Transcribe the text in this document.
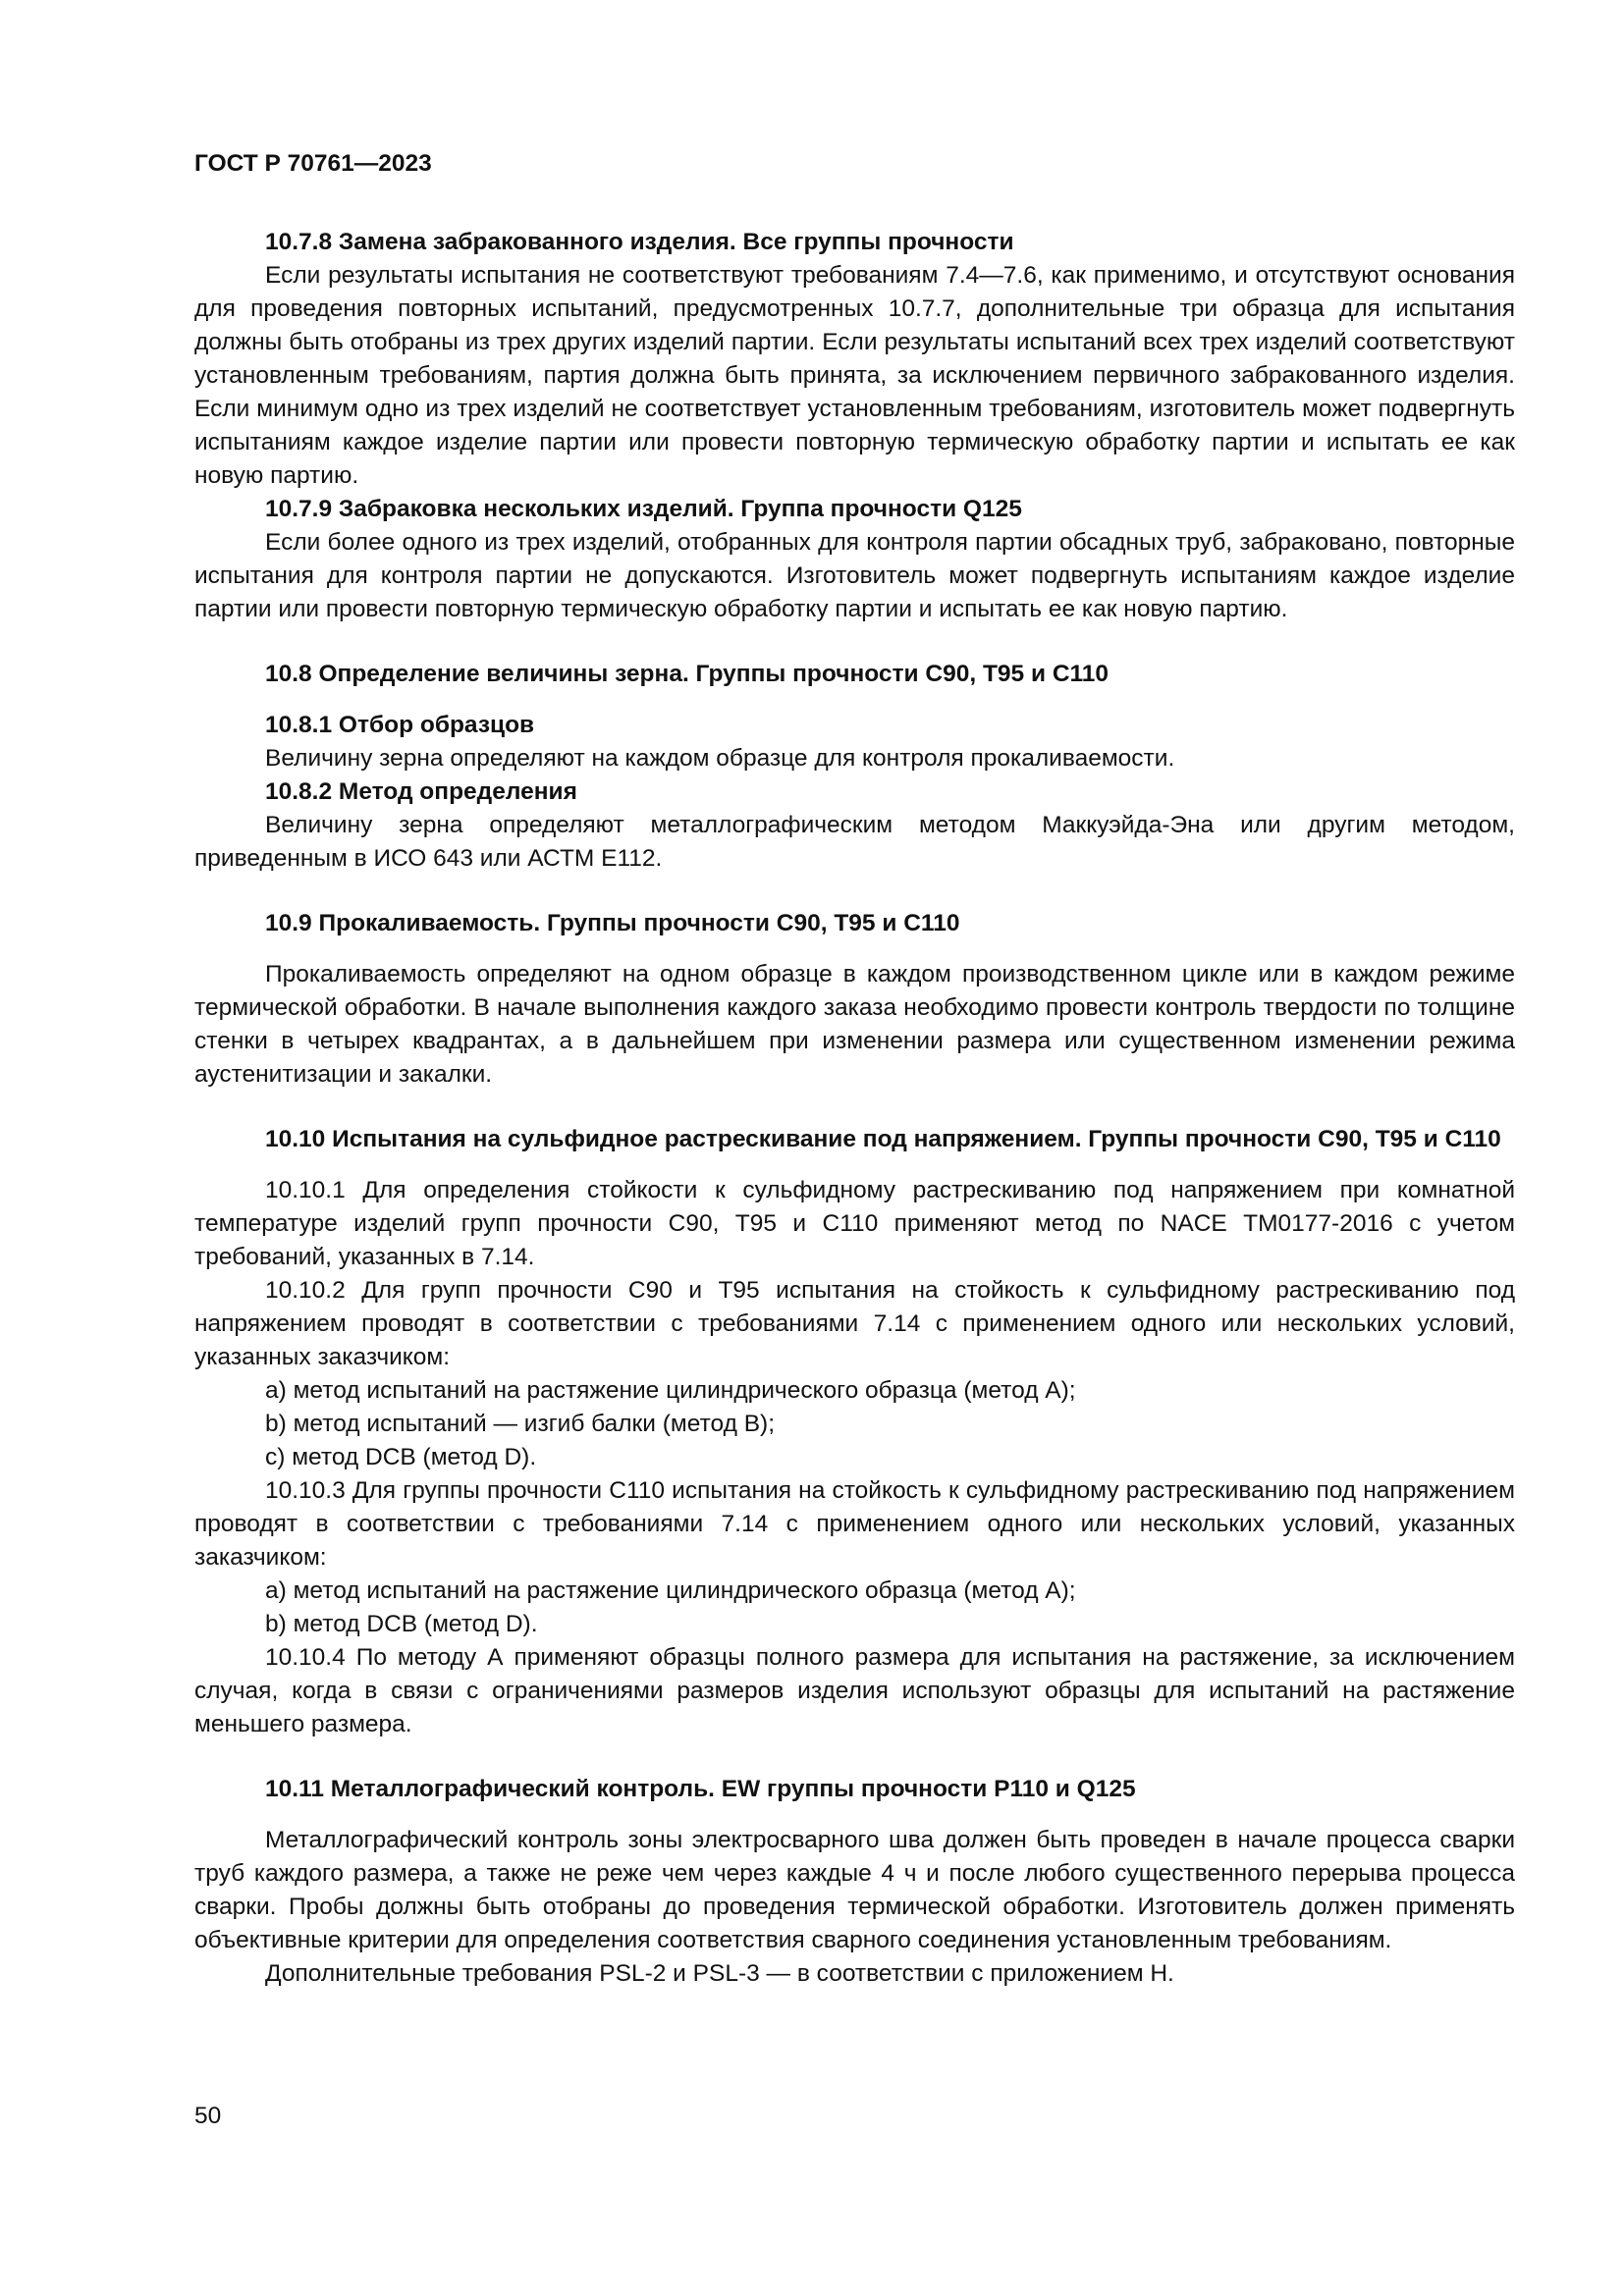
ГОСТ Р 70761—2023

10.7.8 Замена забракованного изделия. Все группы прочности

Если результаты испытания не соответствуют требованиям 7.4—7.6, как применимо, и отсутствуют основания для проведения повторных испытаний, предусмотренных 10.7.7, дополнительные три образца для испытания должны быть отобраны из трех других изделий партии. Если результаты испытаний всех трех изделий соответствуют установленным требованиям, партия должна быть принята, за исключением первичного забракованного изделия. Если минимум одно из трех изделий не соответствует установленным требованиям, изготовитель может подвергнуть испытаниям каждое изделие партии или провести повторную термическую обработку партии и испытать ее как новую партию.

10.7.9 Забраковка нескольких изделий. Группа прочности Q125

Если более одного из трех изделий, отобранных для контроля партии обсадных труб, забраковано, повторные испытания для контроля партии не допускаются. Изготовитель может подвергнуть испытаниям каждое изделие партии или провести повторную термическую обработку партии и испытать ее как новую партию.

10.8 Определение величины зерна. Группы прочности С90, Т95 и С110

10.8.1 Отбор образцов

Величину зерна определяют на каждом образце для контроля прокаливаемости.

10.8.2 Метод определения

Величину зерна определяют металлографическим методом Маккуэйда-Эна или другим методом, приведенным в ИСО 643 или АСТМ Е112.

10.9 Прокаливаемость. Группы прочности С90, Т95 и С110

Прокаливаемость определяют на одном образце в каждом производственном цикле или в каждом режиме термической обработки. В начале выполнения каждого заказа необходимо провести контроль твердости по толщине стенки в четырех квадрантах, а в дальнейшем при изменении размера или существенном изменении режима аустенитизации и закалки.

10.10 Испытания на сульфидное растрескивание под напряжением. Группы прочности С90, Т95 и С110

10.10.1 Для определения стойкости к сульфидному растрескиванию под напряжением при комнатной температуре изделий групп прочности С90, Т95 и С110 применяют метод по NACE ТМ0177-2016 с учетом требований, указанных в 7.14.

10.10.2 Для групп прочности С90 и Т95 испытания на стойкость к сульфидному растрескиванию под напряжением проводят в соответствии с требованиями 7.14 с применением одного или нескольких условий, указанных заказчиком:

а) метод испытаний на растяжение цилиндрического образца (метод А);

b) метод испытаний — изгиб балки (метод В);

с) метод DCB (метод D).

10.10.3 Для группы прочности С110 испытания на стойкость к сульфидному растрескиванию под напряжением проводят в соответствии с требованиями 7.14 с применением одного или нескольких условий, указанных заказчиком:

а) метод испытаний на растяжение цилиндрического образца (метод А);

b) метод DCB (метод D).

10.10.4 По методу А применяют образцы полного размера для испытания на растяжение, за исключением случая, когда в связи с ограничениями размеров изделия используют образцы для испытаний на растяжение меньшего размера.

10.11 Металлографический контроль. EW группы прочности Р110 и Q125

Металлографический контроль зоны электросварного шва должен быть проведен в начале процесса сварки труб каждого размера, а также не реже чем через каждые 4 ч и после любого существенного перерыва процесса сварки. Пробы должны быть отобраны до проведения термической обработки. Изготовитель должен применять объективные критерии для определения соответствия сварного соединения установленным требованиям.

Дополнительные требования PSL-2 и PSL-3 — в соответствии с приложением Н.

50
